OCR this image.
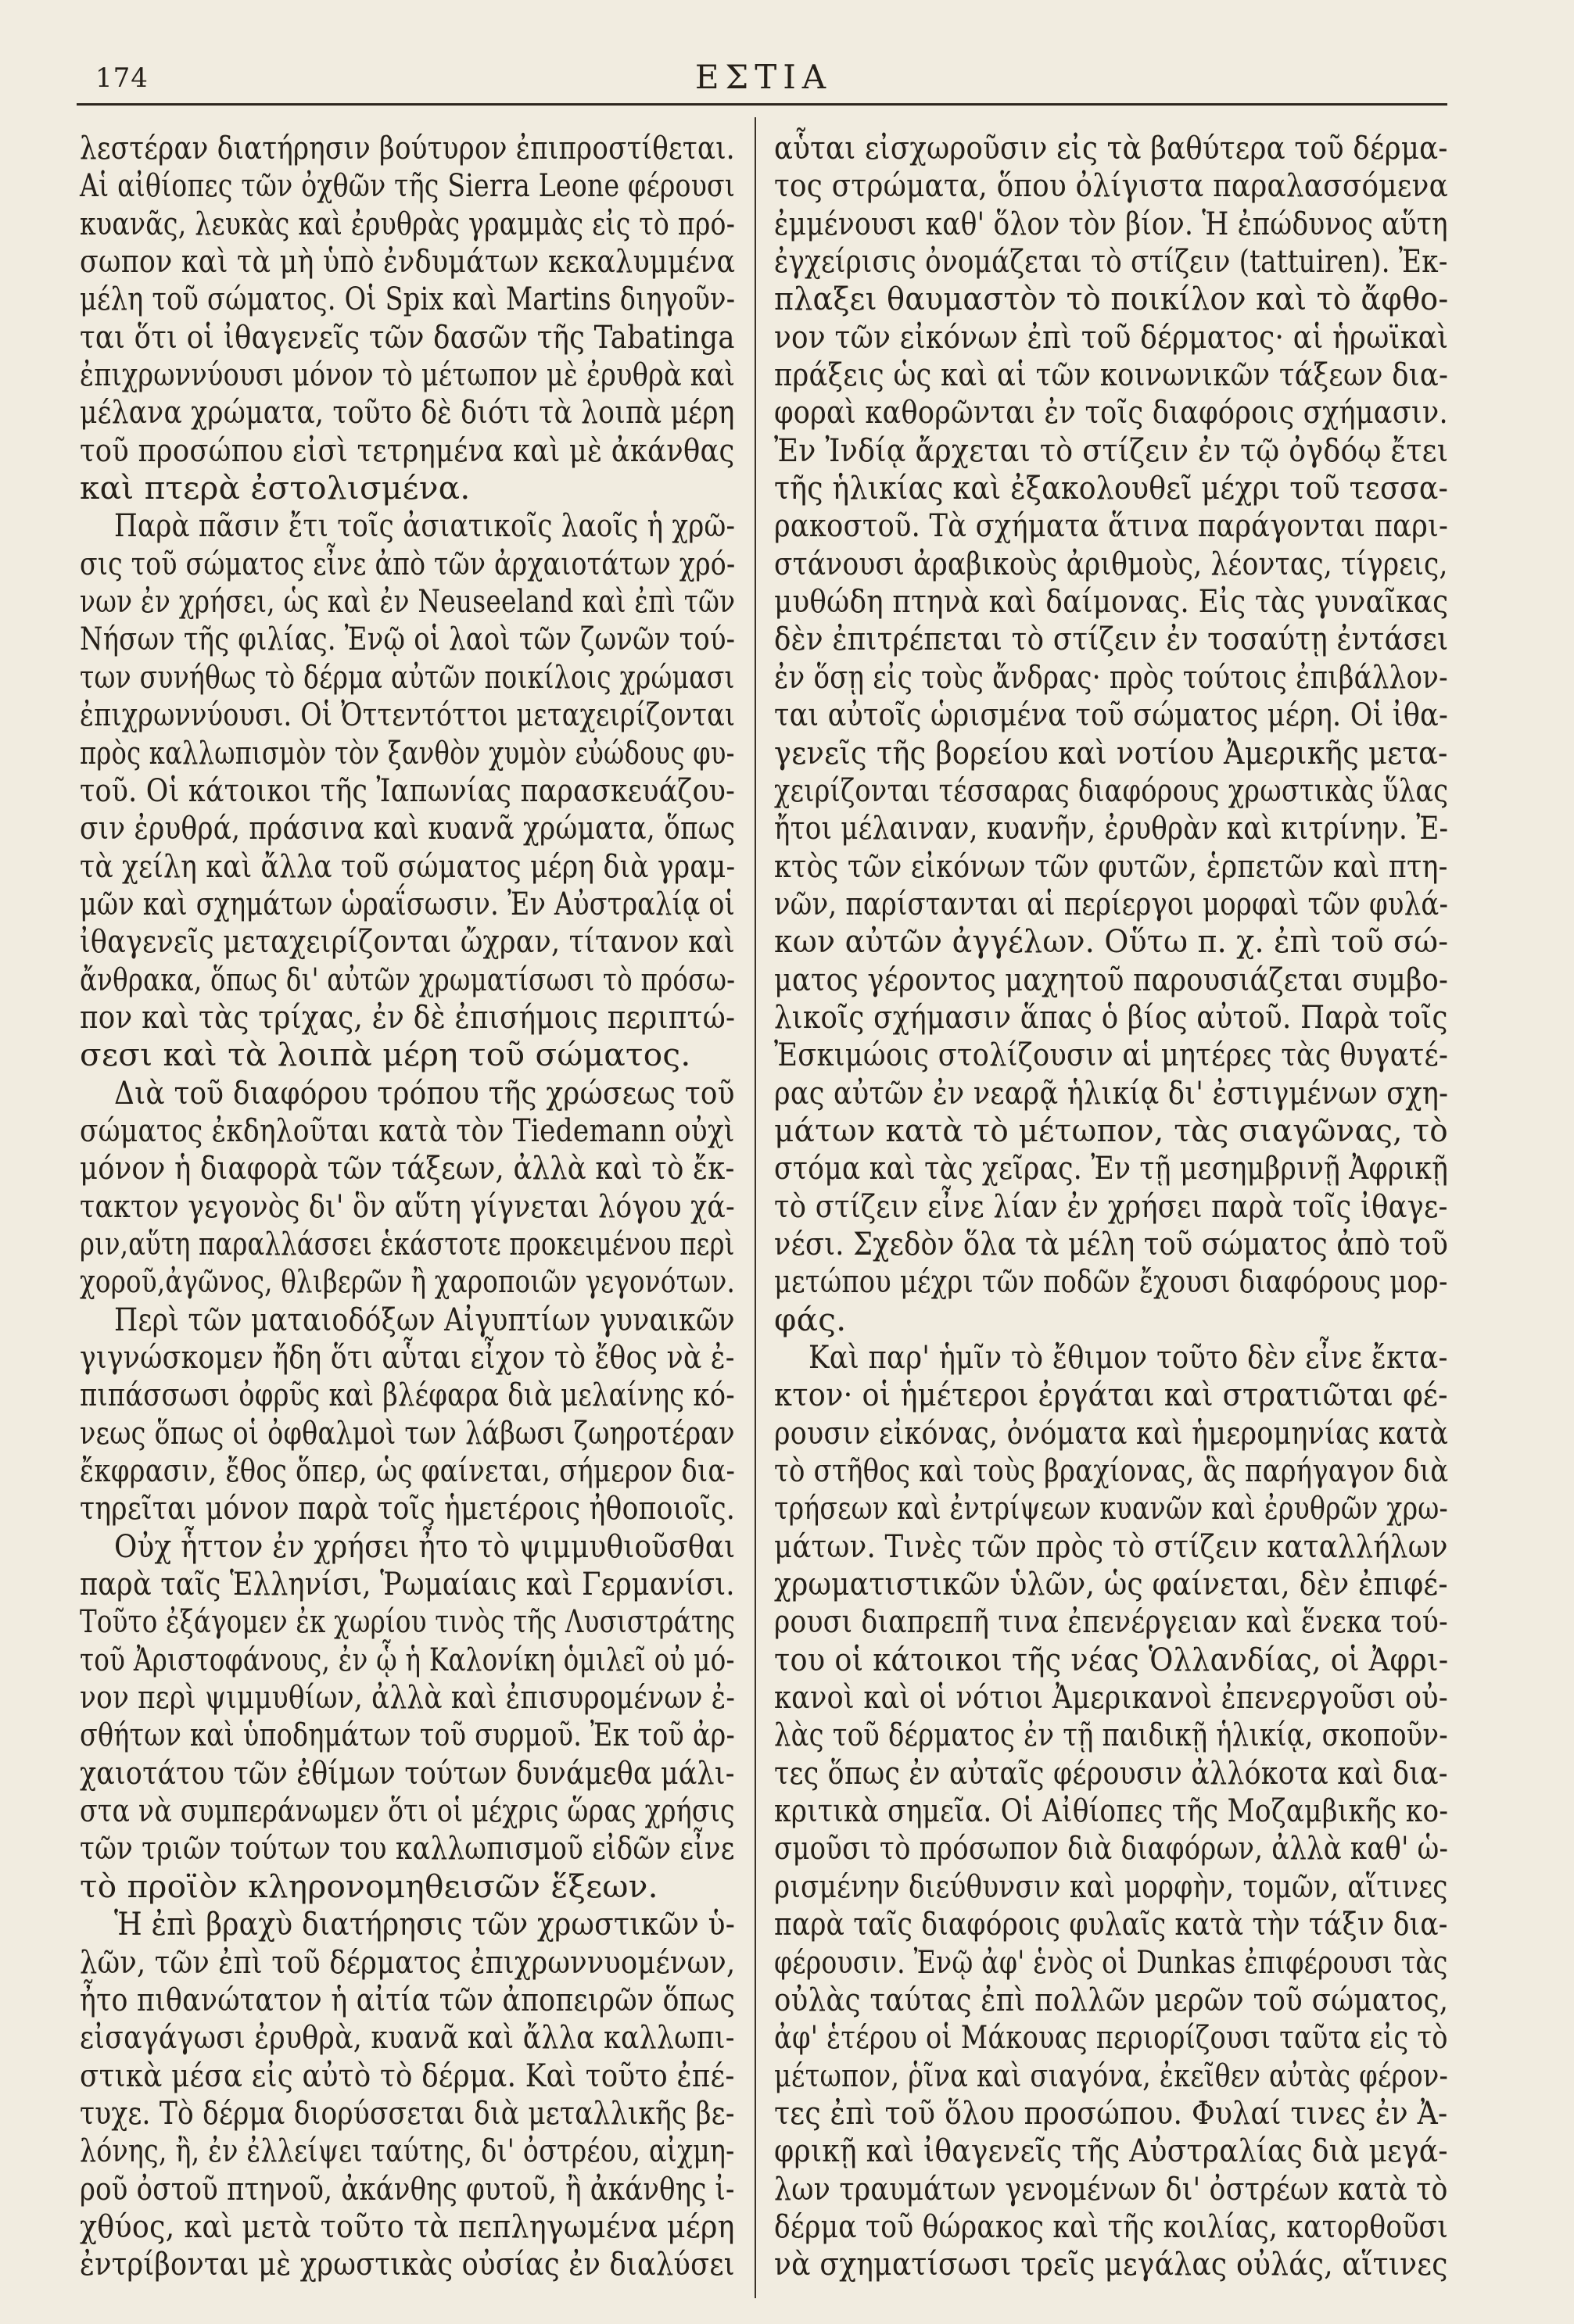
174	ΕΣΤΙΑ
λεστέραν διατήρησιν βούτυρον ἐπιπροστίθεται.
Αἱ αἰθίοπες τῶν ὀχθῶν τῆς Sierra Leone φέρουσι
κυανᾶς, λευκὰς καὶ ἐρυθρὰς γραμμὰς εἰς τὸ πρό-
σωπον καὶ τὰ μὴ ὑπὸ ἐνδυμάτων κεκαλυμμένα
μέλη τοῦ σώματος. Οἱ Spix καὶ Martins διηγοῦν-
ται ὅτι οἱ ἰθαγενεῖς τῶν δασῶν τῆς Tabatinga
ἐπιχρωννύουσι μόνον τὸ μέτωπον μὲ ἐρυθρὰ καὶ
μέλανα χρώματα, τοῦτο δὲ διότι τὰ λοιπὰ μέρη
τοῦ προσώπου εἰσὶ τετρημένα καὶ μὲ ἀκάνθας
καὶ πτερὰ ἐστολισμένα.
Παρὰ πᾶσιν ἔτι τοῖς ἀσιατικοῖς λαοῖς ἡ χρῶ-
σις τοῦ σώματος εἶνε ἀπὸ τῶν ἀρχαιοτάτων χρό-
νων ἐν χρήσει, ὡς καὶ ἐν Neuseeland καὶ ἐπὶ τῶν
Νήσων τῆς φιλίας. Ἐνῷ οἱ λαοὶ τῶν ζωνῶν τού-
των συνήθως τὸ δέρμα αὐτῶν ποικίλοις χρώμασι
ἐπιχρωννύουσι. Οἱ Ὀττεντόττοι μεταχειρίζονται
πρὸς καλλωπισμὸν τὸν ξανθὸν χυμὸν εὐώδους φυ-
τοῦ. Οἱ κάτοικοι τῆς Ἰαπωνίας παρασκευάζου-
σιν ἐρυθρά, πράσινα καὶ κυανᾶ χρώματα, ὅπως
τὰ χείλη καὶ ἄλλα τοῦ σώματος μέρη διὰ γραμ-
μῶν καὶ σχημάτων ὡραΐσωσιν. Ἐν Αὐστραλίᾳ οἱ
ἰθαγενεῖς μεταχειρίζονται ὤχραν, τίτανον καὶ
ἄνθρακα, ὅπως δι' αὐτῶν χρωματίσωσι τὸ πρόσω-
πον καὶ τὰς τρίχας, ἐν δὲ ἐπισήμοις περιπτώ-
σεσι καὶ τὰ λοιπὰ μέρη τοῦ σώματος.
Διὰ τοῦ διαφόρου τρόπου τῆς χρώσεως τοῦ
σώματος ἐκδηλοῦται κατὰ τὸν Tiedemann οὐχὶ
μόνον ἡ διαφορὰ τῶν τάξεων, ἀλλὰ καὶ τὸ ἔκ-
τακτον γεγονὸς δι' ὃν αὕτη γίγνεται λόγου χά-
ριν,αὕτη παραλλάσσει ἑκάστοτε προκειμένου περὶ
χοροῦ,ἀγῶνος, θλιβερῶν ἢ χαροποιῶν γεγονότων.
Περὶ τῶν ματαιοδόξων Αἰγυπτίων γυναικῶν
γιγνώσκομεν ἤδη ὅτι αὗται εἶχον τὸ ἔθος νὰ ἐ-
πιπάσσωσι ὀφρῦς καὶ βλέφαρα διὰ μελαίνης κό-
νεως ὅπως οἱ ὀφθαλμοὶ των λάβωσι ζωηροτέραν
ἔκφρασιν, ἔθος ὅπερ, ὡς φαίνεται, σήμερον δια-
τηρεῖται μόνον παρὰ τοῖς ἡμετέροις ἠθοποιοῖς.
Οὐχ ἧττον ἐν χρήσει ἦτο τὸ ψιμμυθιοῦσθαι
παρὰ ταῖς Ἑλληνίσι, Ῥωμαίαις καὶ Γερμανίσι.
Τοῦτο ἐξάγομεν ἐκ χωρίου τινὸς τῆς Λυσιστράτης
τοῦ Ἀριστοφάνους, ἐν ᾧ ἡ Καλονίκη ὁμιλεῖ οὐ μό-
νον περὶ ψιμμυθίων, ἀλλὰ καὶ ἐπισυρομένων ἐ-
σθήτων καὶ ὑποδημάτων τοῦ συρμοῦ. Ἐκ τοῦ ἀρ-
χαιοτάτου τῶν ἐθίμων τούτων δυνάμεθα μάλι-
στα νὰ συμπεράνωμεν ὅτι οἱ μέχρις ὥρας χρήσις
τῶν τριῶν τούτων του καλλωπισμοῦ εἰδῶν εἶνε
τὸ προϊὸν κληρονομηθεισῶν ἕξεων.
Ἡ ἐπὶ βραχὺ διατήρησις τῶν χρωστικῶν ὑ-
λῶν, τῶν ἐπὶ τοῦ δέρματος ἐπιχρωννυομένων,
ἦτο πιθανώτατον ἡ αἰτία τῶν ἀποπειρῶν ὅπως
εἰσαγάγωσι ἐρυθρὰ, κυανᾶ καὶ ἄλλα καλλωπι-
στικὰ μέσα εἰς αὐτὸ τὸ δέρμα. Καὶ τοῦτο ἐπέ-
τυχε. Τὸ δέρμα διορύσσεται διὰ μεταλλικῆς βε-
λόνης, ἢ, ἐν ἐλλείψει ταύτης, δι' ὀστρέου, αἰχμη-
ροῦ ὀστοῦ πτηνοῦ, ἀκάνθης φυτοῦ, ἢ ἀκάνθης ἰ-
χθύος, καὶ μετὰ τοῦτο τὰ πεπληγωμένα μέρη
ἐντρίβονται μὲ χρωστικὰς οὐσίας ἐν διαλύσει
αὗται εἰσχωροῦσιν εἰς τὰ βαθύτερα τοῦ δέρμα-
τος στρώματα, ὅπου ὀλίγιστα παραλασσόμενα
ἐμμένουσι καθ' ὅλον τὸν βίον. Ἡ ἐπώδυνος αὕτη
ἐγχείρισις ὀνομάζεται τὸ στίζειν (tattuiren). Ἐκ-
πλαξει θαυμαστὸν τὸ ποικίλον καὶ τὸ ἄφθο-
νον τῶν εἰκόνων ἐπὶ τοῦ δέρματος· αἱ ἡρωϊκαὶ
πράξεις ὡς καὶ αἱ τῶν κοινωνικῶν τάξεων δια-
φοραὶ καθορῶνται ἐν τοῖς διαφόροις σχήμασιν.
Ἐν Ἰνδίᾳ ἄρχεται τὸ στίζειν ἐν τῷ ὀγδόῳ ἔτει
τῆς ἡλικίας καὶ ἐξακολουθεῖ μέχρι τοῦ τεσσα-
ρακοστοῦ. Τὰ σχήματα ἅτινα παράγονται παρι-
στάνουσι ἀραβικοὺς ἀριθμοὺς, λέοντας, τίγρεις,
μυθώδη πτηνὰ καὶ δαίμονας. Εἰς τὰς γυναῖκας
δὲν ἐπιτρέπεται τὸ στίζειν ἐν τοσαύτῃ ἐντάσει
ἐν ὅσῃ εἰς τοὺς ἄνδρας· πρὸς τούτοις ἐπιβάλλον-
ται αὐτοῖς ὡρισμένα τοῦ σώματος μέρη. Οἱ ἰθα-
γενεῖς τῆς βορείου καὶ νοτίου Ἀμερικῆς μετα-
χειρίζονται τέσσαρας διαφόρους χρωστικὰς ὕλας
ἤτοι μέλαιναν, κυανῆν, ἐρυθρὰν καὶ κιτρίνην. Ἐ-
κτὸς τῶν εἰκόνων τῶν φυτῶν, ἑρπετῶν καὶ πτη-
νῶν, παρίστανται αἱ περίεργοι μορφαὶ τῶν φυλά-
κων αὐτῶν ἀγγέλων. Οὕτω π. χ. ἐπὶ τοῦ σώ-
ματος γέροντος μαχητοῦ παρουσιάζεται συμβο-
λικοῖς σχήμασιν ἅπας ὁ βίος αὐτοῦ. Παρὰ τοῖς
Ἐσκιμώοις στολίζουσιν αἱ μητέρες τὰς θυγατέ-
ρας αὐτῶν ἐν νεαρᾷ ἡλικίᾳ δι' ἐστιγμένων σχη-
μάτων κατὰ τὸ μέτωπον, τὰς σιαγῶνας, τὸ
στόμα καὶ τὰς χεῖρας. Ἐν τῇ μεσημβρινῇ Ἀφρικῇ
τὸ στίζειν εἶνε λίαν ἐν χρήσει παρὰ τοῖς ἰθαγε-
νέσι. Σχεδὸν ὅλα τὰ μέλη τοῦ σώματος ἀπὸ τοῦ
μετώπου μέχρι τῶν ποδῶν ἔχουσι διαφόρους μορ-
φάς.
Καὶ παρ' ἡμῖν τὸ ἔθιμον τοῦτο δὲν εἶνε ἔκτα-
κτον· οἱ ἡμέτεροι ἐργάται καὶ στρατιῶται φέ-
ρουσιν εἰκόνας, ὀνόματα καὶ ἡμερομηνίας κατὰ
τὸ στῆθος καὶ τοὺς βραχίονας, ἃς παρήγαγον διὰ
τρήσεων καὶ ἐντρίψεων κυανῶν καὶ ἐρυθρῶν χρω-
μάτων. Τινὲς τῶν πρὸς τὸ στίζειν καταλλήλων
χρωματιστικῶν ὑλῶν, ὡς φαίνεται, δὲν ἐπιφέ-
ρουσι διαπρεπῆ τινα ἐπενέργειαν καὶ ἕνεκα τού-
του οἱ κάτοικοι τῆς νέας Ὁλλανδίας, οἱ Ἀφρι-
κανοὶ καὶ οἱ νότιοι Ἀμερικανοὶ ἐπενεργοῦσι οὐ-
λὰς τοῦ δέρματος ἐν τῇ παιδικῇ ἡλικίᾳ, σκοποῦν-
τες ὅπως ἐν αὐταῖς φέρουσιν ἀλλόκοτα καὶ δια-
κριτικὰ σημεῖα. Οἱ Αἰθίοπες τῆς Μοζαμβικῆς κο-
σμοῦσι τὸ πρόσωπον διὰ διαφόρων, ἀλλὰ καθ' ὡ-
ρισμένην διεύθυνσιν καὶ μορφὴν, τομῶν, αἵτινες
παρὰ ταῖς διαφόροις φυλαῖς κατὰ τὴν τάξιν δια-
φέρουσιν. Ἐνῷ ἀφ' ἑνὸς οἱ Dunkas ἐπιφέρουσι τὰς
οὐλὰς ταύτας ἐπὶ πολλῶν μερῶν τοῦ σώματος,
ἀφ' ἑτέρου οἱ Μάκουας περιορίζουσι ταῦτα εἰς τὸ
μέτωπον, ῥῖνα καὶ σιαγόνα, ἐκεῖθεν αὐτὰς φέρον-
τες ἐπὶ τοῦ ὅλου προσώπου. Φυλαί τινες ἐν Ἀ-
φρικῇ καὶ ἰθαγενεῖς τῆς Αὐστραλίας διὰ μεγά-
λων τραυμάτων γενομένων δι' ὀστρέων κατὰ τὸ
δέρμα τοῦ θώρακος καὶ τῆς κοιλίας, κατορθοῦσι
νὰ σχηματίσωσι τρεῖς μεγάλας οὐλάς, αἵτινες
